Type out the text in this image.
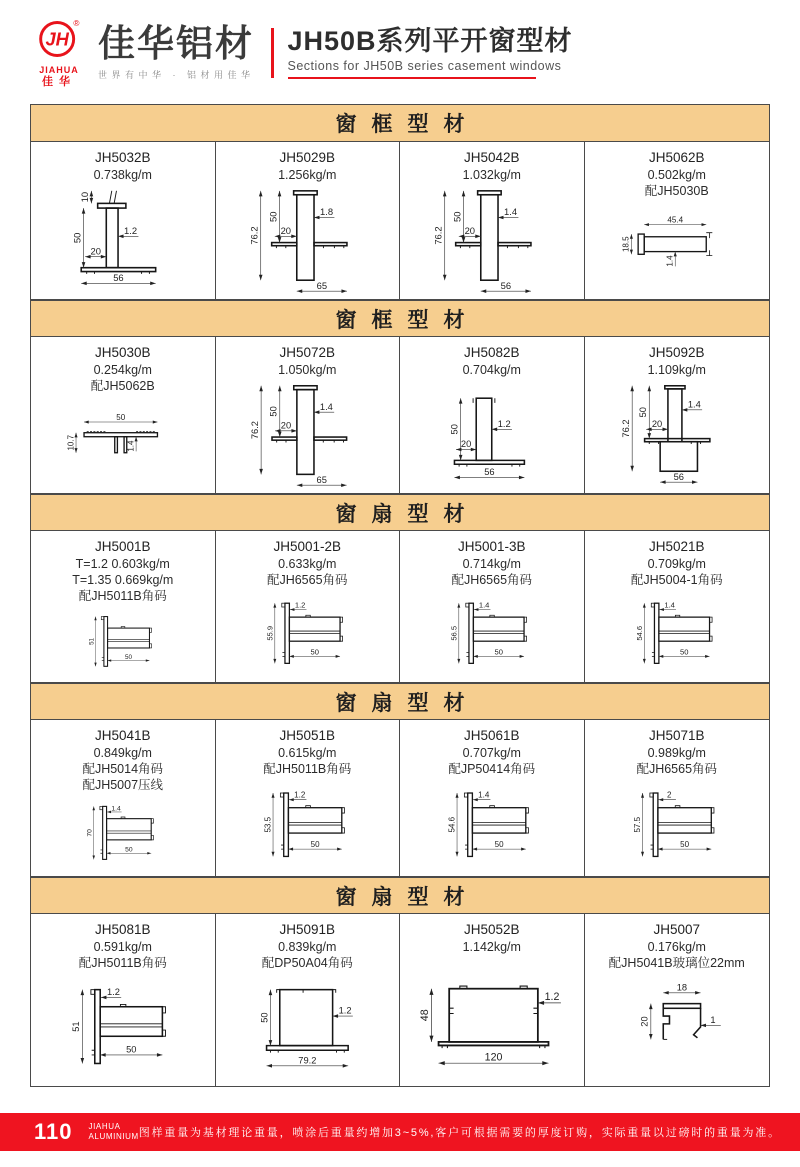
JH
®
JIAHUA
佳华
佳华铝材
世界有中华 · 铝材用佳华
JH50B系列平开窗型材
Sections for JH50B series casement windows
窗框型材
JH5032B
0.738kg/m
10
50
20
1.2
56
JH5029B
1.256kg/m
76.2
50
20
1.8
65
JH5042B
1.032kg/m
76.2
50
20
1.4
56
JH5062B
0.502kg/m
配JH5030B
45.4
18.5
1.4
窗框型材
JH5030B
0.254kg/m
配JH5062B
50
10.7	1.4
JH5072B
1.050kg/m
76.2
50
20
1.4
65
JH5082B
0.704kg/m
50
20
1.2
56
JH5092B
1.109kg/m
76.2
50
20
1.4
56
窗扇型材
JH5001B
T=1.2 0.603kg/m
T=1.35 0.669kg/m
配JH5011B角码
51
50
JH5001-2B
0.633kg/m
配JH6565角码
55.9
1.2
50
JH5001-3B
0.714kg/m
配JH6565角码
56.5
1.4
50
JH5021B
0.709kg/m
配JH5004-1角码
54.6
1.4
50
窗扇型材
JH5041B
0.849kg/m
配JH5014角码
配JH5007压线
70
1.4
50
JH5051B
0.615kg/m
配JH5011B角码
53.5
1.2
50
JH5061B
0.707kg/m
配JP50414角码
54.6
1.4
50
JH5071B
0.989kg/m
配JH6565角码
57.5
2
50
窗扇型材
JH5081B
0.591kg/m
配JH5011B角码
51
1.2
50
JH5091B
0.839kg/m
配DP50A04角码
50
1.2
79.2
JH5052B
1.142kg/m
48
1.2
120
JH5007
0.176kg/m
配JH5041B玻璃位22mm
18
20	1
110 JIAHUA
ALUMINIUM 图样重量为基材理论重量，喷涂后重量约增加3~5%,客户可根据需要的厚度订购，实际重量以过磅时的重量为准。
